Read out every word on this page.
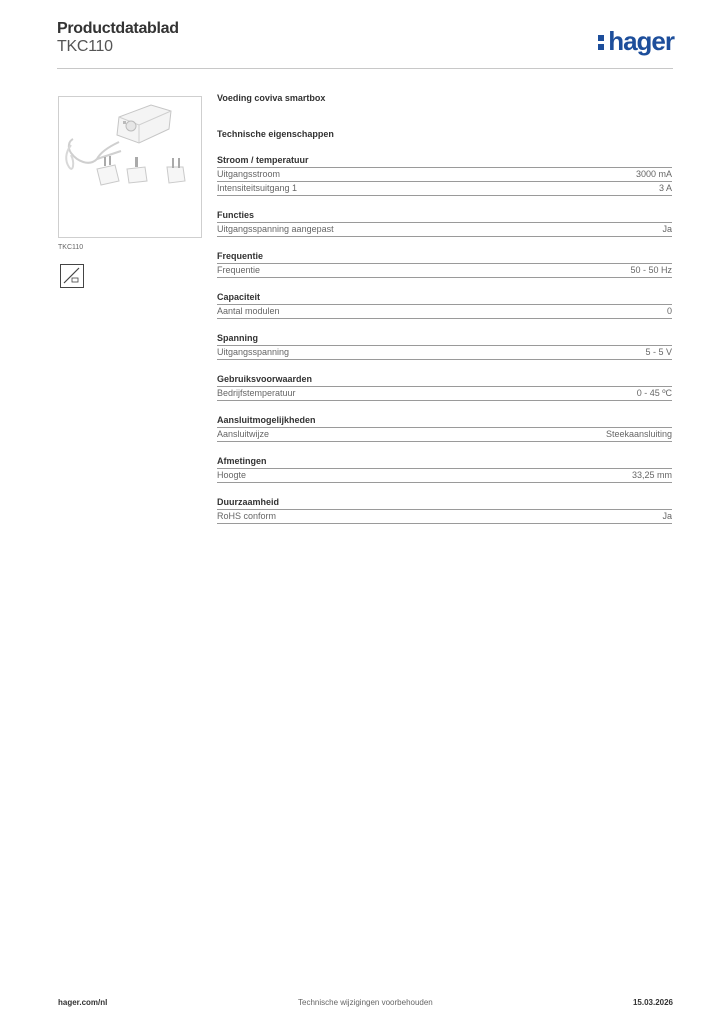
Productdatablad
TKC110	hager
TKC110
Voeding coviva smartbox
Technische eigenschappen
Stroom / temperatuur
Uitgangsstroom	3000 mA
Intensiteitsuitgang 1	3 A
Functies
Uitgangsspanning aangepast	Ja
Frequentie
Frequentie	50 - 50 Hz
Capaciteit
Aantal modulen	0
Spanning
Uitgangsspanning	5 - 5 V
Gebruiksvoorwaarden
Bedrijfstemperatuur	0 - 45 ºC
Aansluitmogelijkheden
Aansluitwijze	Steekaansluiting
Afmetingen
Hoogte	33,25 mm
Duurzaamheid
RoHS conform	Ja
hager.com/nl	Technische wijzigingen voorbehouden	15.03.2026
